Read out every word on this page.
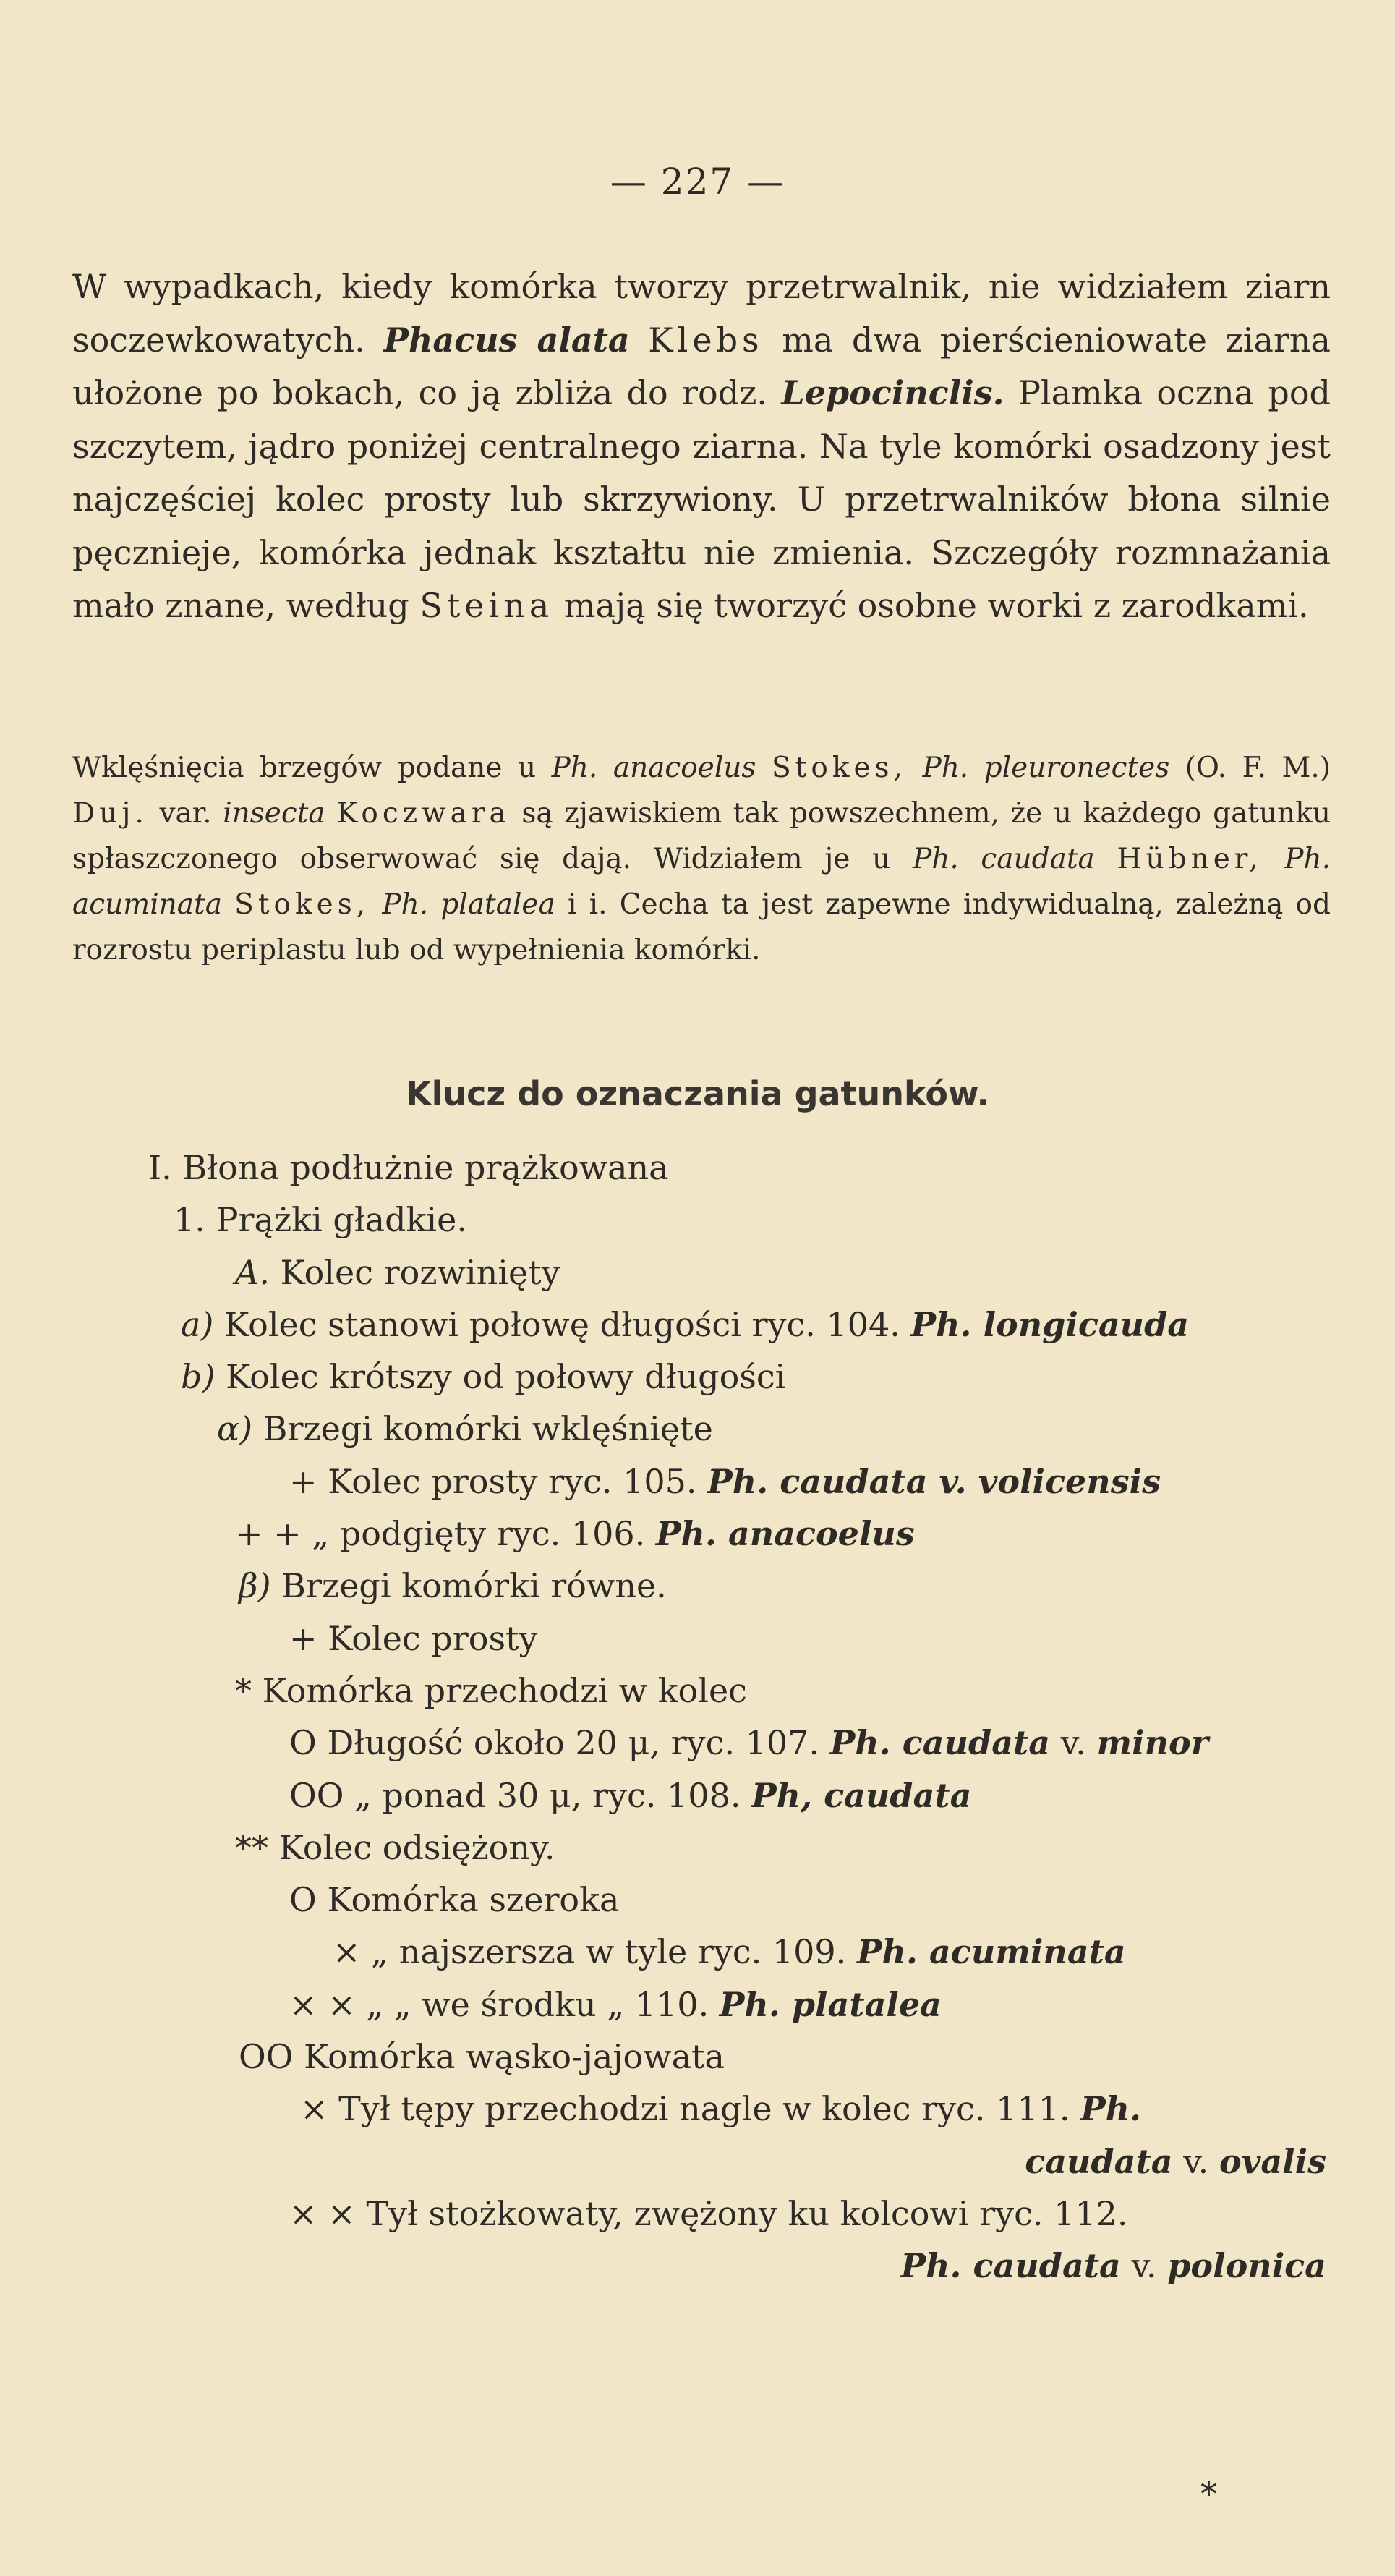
— 227 —
W wypadkach, kiedy komórka tworzy przetrwalnik, nie widziałem ziarn soczewkowatych. Phacus alata Klebs ma dwa pierścieniowate ziarna ułożone po bokach, co ją zbliża do rodz. Lepocinclis. Plamka oczna pod szczytem, jądro poniżej centralnego ziarna. Na tyle komórki osadzony jest najczęściej kolec prosty lub skrzywiony. U przetrwalników błona silnie pęcznieje, komórka jednak kształtu nie zmienia. Szczegóły rozmnażania mało znane, według Steina mają się tworzyć osobne worki z zarodkami.
Wklęśnięcia brzegów podane u Ph. anacoelus Stokes, Ph. pleuronectes (O. F. M.) Duj. var. insecta Koczwara są zjawiskiem tak powszechnem, że u każdego gatunku spłaszczonego obserwować się dają. Widziałem je u Ph. caudata Hübner, Ph. acuminata Stokes, Ph. platalea i i. Cecha ta jest zapewne indywidualną, zależną od rozrostu periplastu lub od wypełnienia komórki.
Klucz do oznaczania gatunków.
I. Błona podłużnie prążkowana
1. Prążki gładkie.
A. Kolec rozwinięty
a) Kolec stanowi połowę długości ryc. 104. Ph. longicauda
b) Kolec krótszy od połowy długości
α) Brzegi komórki wklęśnięte
+ Kolec prosty ryc. 105. Ph. caudata v. volicensis
+ + „ podgięty ryc. 106. Ph. anacoelus
β) Brzegi komórki równe.
+ Kolec prosty
* Komórka przechodzi w kolec
O Długość około 20 μ, ryc. 107. Ph. caudata v. minor
OO „ ponad 30 μ, ryc. 108. Ph, caudata
** Kolec odsiężony.
O Komórka szeroka
× „ najszersza w tyle ryc. 109. Ph. acuminata
× × „ „ we środku „ 110. Ph. platalea
OO Komórka wąsko-jajowata
× Tył tępy przechodzi nagle w kolec ryc. 111. Ph.
caudata v. ovalis
× × Tył stożkowaty, zwężony ku kolcowi ryc. 112.
Ph. caudata v. polonica
*
